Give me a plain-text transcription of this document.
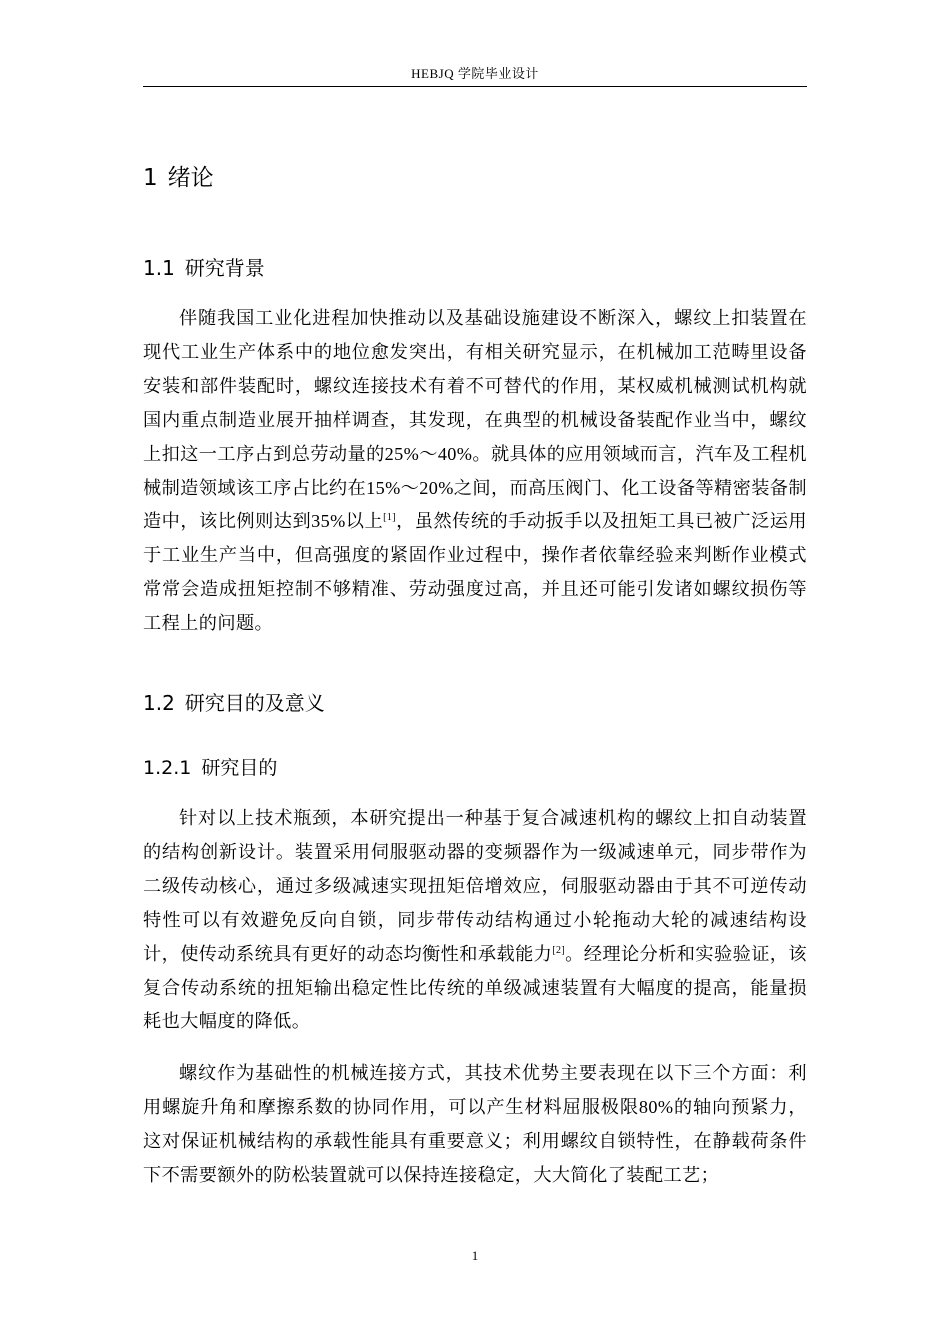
HEBJQ 学院毕业设计
1 绪论
1.1 研究背景

伴随我国工业化进程加快推动以及基础设施建设不断深入，螺纹上扣装置在现代工业生产体系中的地位愈发突出，有相关研究显示，在机械加工范畴里设备安装和部件装配时，螺纹连接技术有着不可替代的作用，某权威机械测试机构就国内重点制造业展开抽样调查，其发现，在典型的机械设备装配作业当中，螺纹上扣这一工序占到总劳动量的25%～40%。就具体的应用领域而言，汽车及工程机械制造领域该工序占比约在15%～20%之间，而高压阀门、化工设备等精密装备制造中，该比例则达到35%以上[1]，虽然传统的手动扳手以及扭矩工具已被广泛运用于工业生产当中，但高强度的紧固作业过程中，操作者依靠经验来判断作业模式常常会造成扭矩控制不够精准、劳动强度过高，并且还可能引发诸如螺纹损伤等工程上的问题。

1.2 研究目的及意义
1.2.1 研究目的

针对以上技术瓶颈，本研究提出一种基于复合减速机构的螺纹上扣自动装置的结构创新设计。装置采用伺服驱动器的变频器作为一级减速单元，同步带作为二级传动核心，通过多级减速实现扭矩倍增效应，伺服驱动器由于其不可逆传动特性可以有效避免反向自锁，同步带传动结构通过小轮拖动大轮的减速结构设计，使传动系统具有更好的动态均衡性和承载能力[2]。经理论分析和实验验证，该复合传动系统的扭矩输出稳定性比传统的单级减速装置有大幅度的提高，能量损耗也大幅度的降低。

螺纹作为基础性的机械连接方式，其技术优势主要表现在以下三个方面：利用螺旋升角和摩擦系数的协同作用，可以产生材料屈服极限80%的轴向预紧力，这对保证机械结构的承载性能具有重要意义；利用螺纹自锁特性，在静载荷条件下不需要额外的防松装置就可以保持连接稳定，大大简化了装配工艺；

1
